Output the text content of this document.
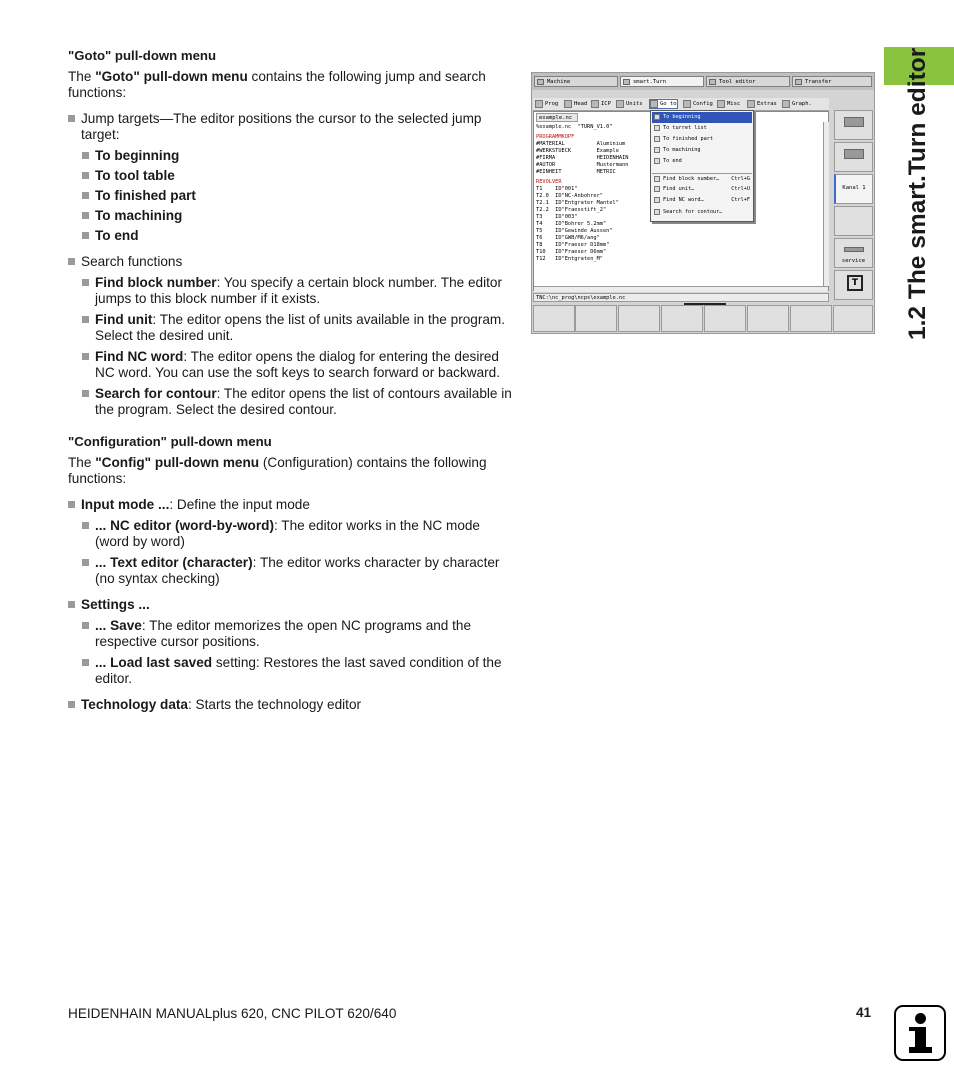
1.2 The smart.Turn editor
"Goto" pull-down menu
The "Goto" pull-down menu contains the following jump and search functions:
Jump targets—The editor positions the cursor to the selected jump target:
To beginning
To tool table
To finished part
To machining
To end
Search functions
Find block number: You specify a certain block number. The editor jumps to this block number if it exists.
Find unit: The editor opens the list of units available in the program. Select the desired unit.
Find NC word: The editor opens the dialog for entering the desired NC word. You can use the soft keys to search forward or backward.
Search for contour: The editor opens the list of contours available in the program. Select the desired contour.
"Configuration" pull-down menu
The "Config" pull-down menu (Configuration) contains the following functions:
Input mode ...: Define the input mode
... NC editor (word-by-word): The editor works in the NC mode (word by word)
... Text editor (character): The editor works character by character (no syntax checking)
Settings ...
... Save: The editor memorizes the open NC programs and the respective cursor positions.
... Load last saved setting: Restores the last saved condition of the editor.
Technology data: Starts the technology editor
Machine	smart.Turn	Tool editor	Transfer
Prog	Head	ICP	Units	Go to	Config	Misc	Extras	Graph.
example.nc
%example.nc  "TURN_V1.0"
PROGRAMMKOPF
#MATERIAL          Aluminium
#WERKSTUECK        Example
#FIRMA             HEIDENHAIN
#AUTOR             Mustermann
#EINHEIT           METRIC
REVOLVER
T1    ID"001"
T2.0  ID"NC-Anbohrer"
T2.1  ID"Entgrater Mantel"
T2.2  ID"Fraesstift_2"
T3    ID"003"
T4    ID"Bohrer 5.2mm"
T5    ID"Gewinde Aussen"
T6    ID"GWB/M6/ang"
T8    ID"Fraeser D18mm"
T10   ID"Fraeser D6mm"
T12   ID"Entgraten_M"
To beginning
To turret list
To finished part
To machining
To end
Find block number… Ctrl+G
Find unit…	Ctrl+U
Find NC word…	Ctrl+F
Search for contour…
TNC:\nc_prog\ncps\example.nc
Kanal 1
service
T
HEIDENHAIN MANUALplus 620, CNC PILOT 620/640	41
